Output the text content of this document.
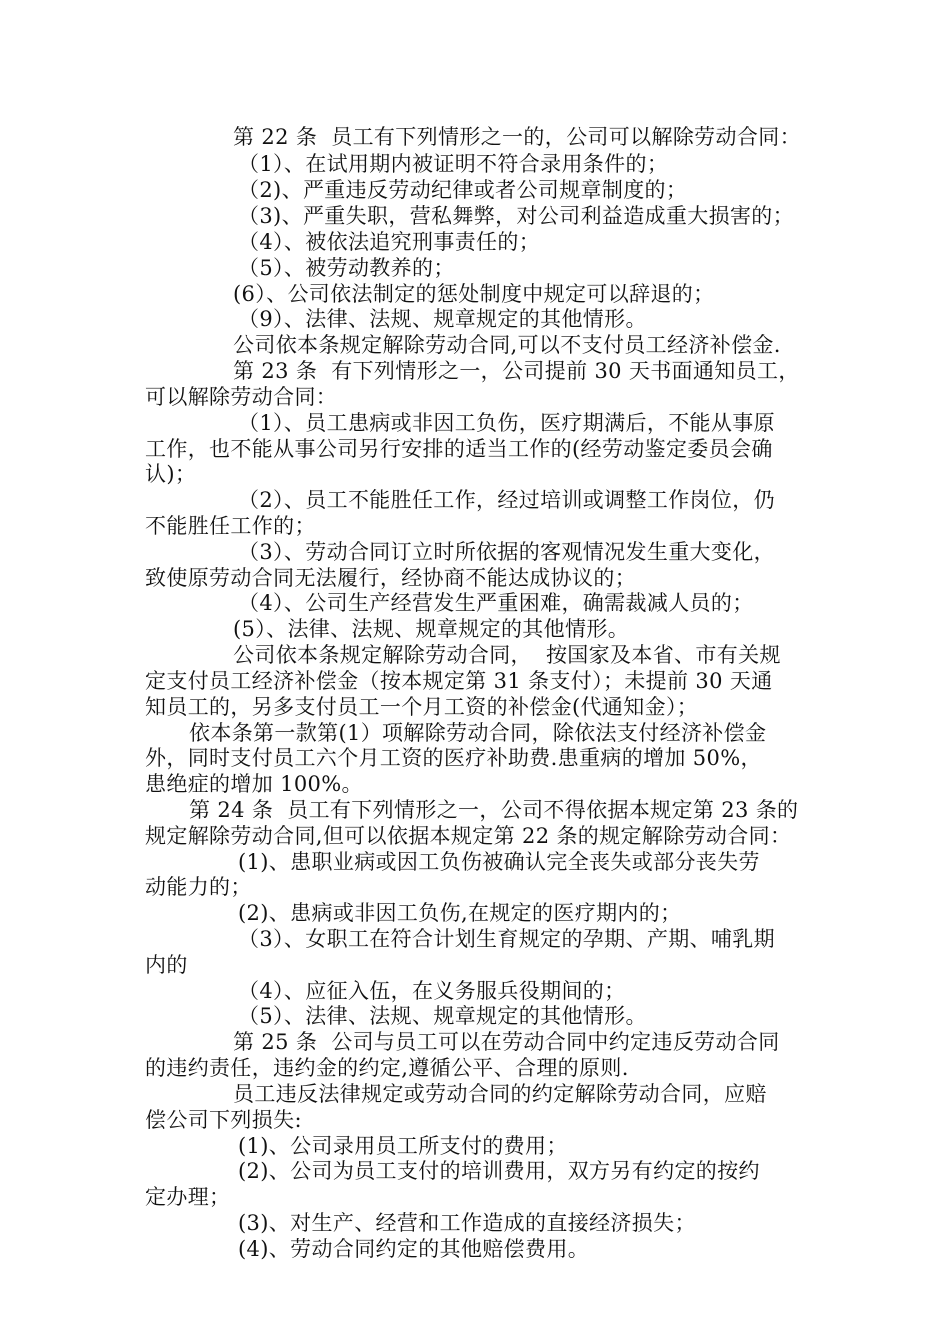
第 22 条  员工有下列情形之一的，公司可以解除劳动合同：
（1）、在试用期内被证明不符合录用条件的；
（2)、严重违反劳动纪律或者公司规章制度的；
（3)、严重失职，营私舞弊，对公司利益造成重大损害的；
（4）、被依法追究刑事责任的；
（5）、被劳动教养的；
(6）、公司依法制定的惩处制度中规定可以辞退的；
（9）、法律、法规、规章规定的其他情形。
公司依本条规定解除劳动合同,可以不支付员工经济补偿金.
第 23 条  有下列情形之一，公司提前 30 天书面通知员工，
可以解除劳动合同：
（1）、员工患病或非因工负伤，医疗期满后，不能从事原
工作，也不能从事公司另行安排的适当工作的(经劳动鉴定委员会确
认)；
（2）、员工不能胜任工作，经过培训或调整工作岗位，仍
不能胜任工作的；
（3）、劳动合同订立时所依据的客观情况发生重大变化，
致使原劳动合同无法履行，经协商不能达成协议的；
（4）、公司生产经营发生严重困难，确需裁减人员的；
(5）、法律、法规、规章规定的其他情形。
公司依本条规定解除劳动合同，  按国家及本省、市有关规
定支付员工经济补偿金（按本规定第 31 条支付）；未提前 30 天通
知员工的，另多支付员工一个月工资的补偿金(代通知金）；
依本条第一款第(1）项解除劳动合同，除依法支付经济补偿金
外，同时支付员工六个月工资的医疗补助费.患重病的增加 50%，
患绝症的增加 100%。
第 24 条  员工有下列情形之一，公司不得依据本规定第 23 条的
规定解除劳动合同,但可以依据本规定第 22 条的规定解除劳动合同：
(1)、患职业病或因工负伤被确认完全丧失或部分丧失劳
动能力的；
(2)、患病或非因工负伤,在规定的医疗期内的；
（3）、女职工在符合计划生育规定的孕期、产期、哺乳期
内的
（4）、应征入伍，在义务服兵役期间的；
（5）、法律、法规、规章规定的其他情形。
第 25 条  公司与员工可以在劳动合同中约定违反劳动合同
的违约责任，违约金的约定,遵循公平、合理的原则.
员工违反法律规定或劳动合同的约定解除劳动合同，应赔
偿公司下列损失:
(1)、公司录用员工所支付的费用；
(2)、公司为员工支付的培训费用，双方另有约定的按约
定办理；
(3)、对生产、经营和工作造成的直接经济损失；
(4)、劳动合同约定的其他赔偿费用。
